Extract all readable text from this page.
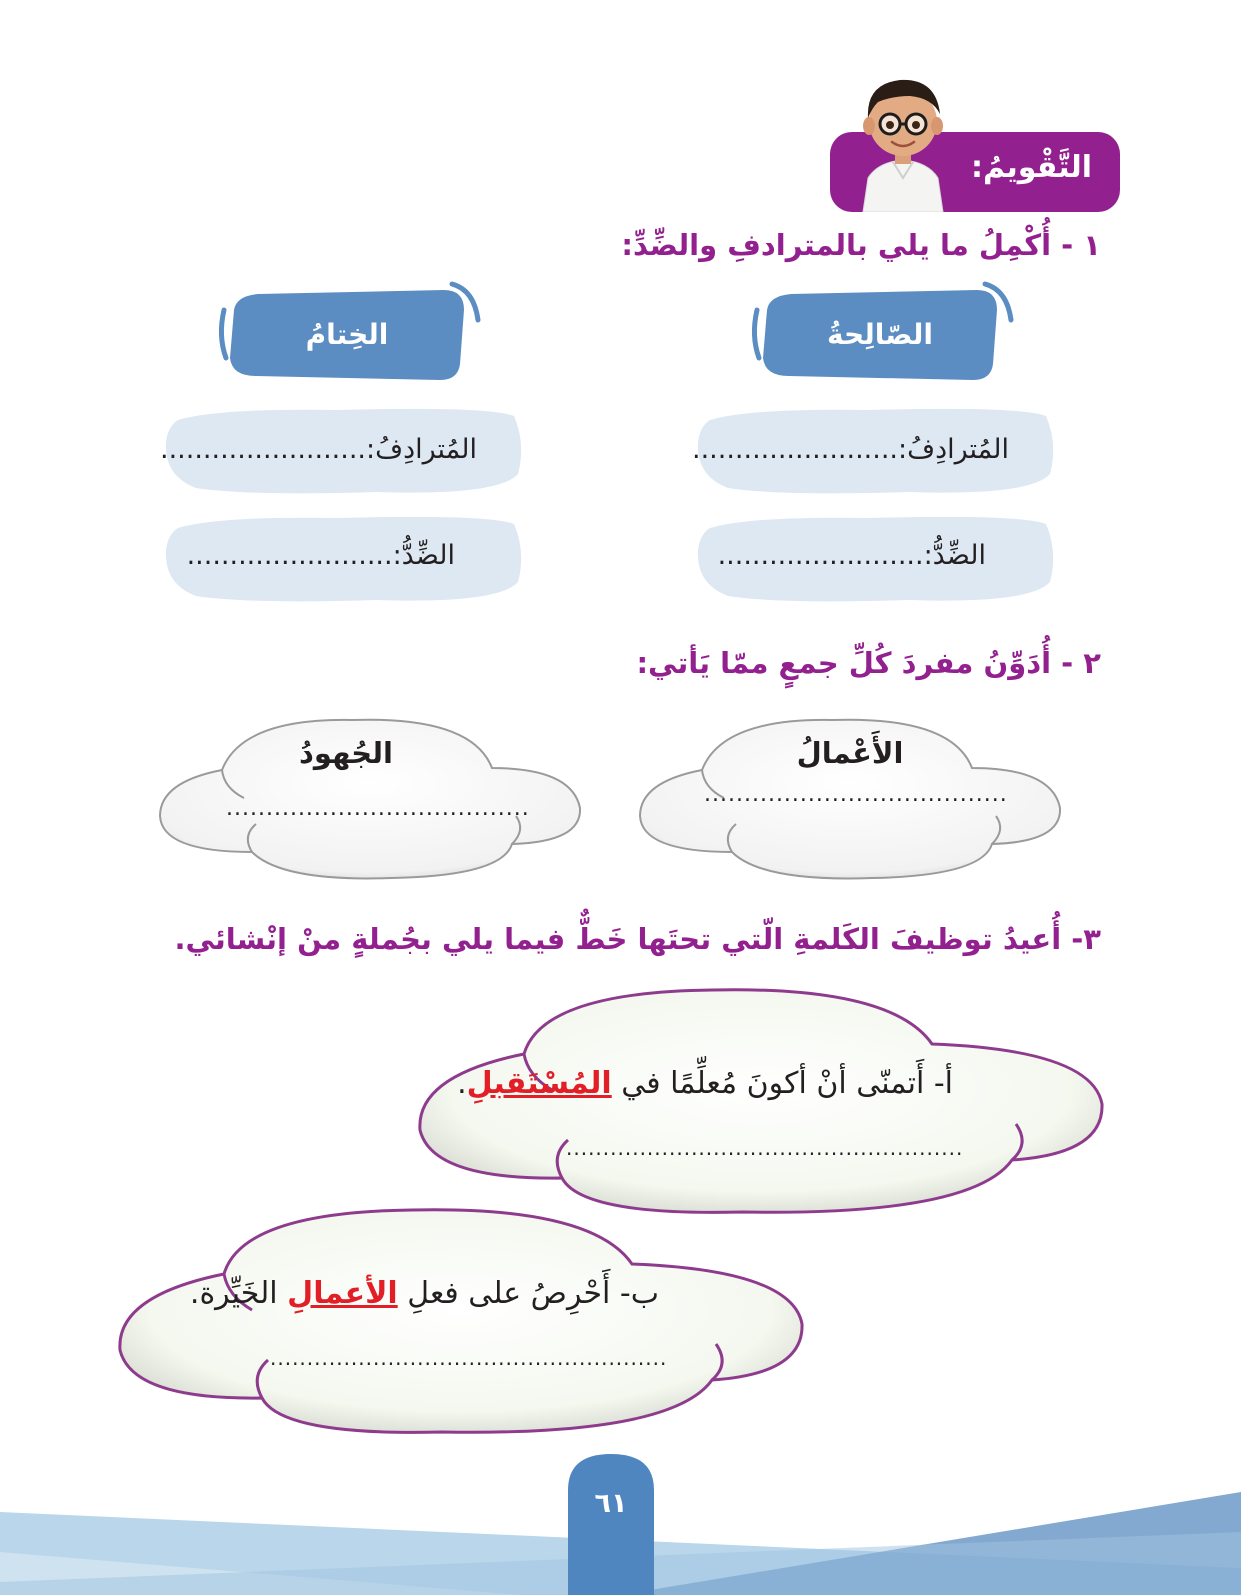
التَّقْويمُ:
١ - أُكْمِلُ ما يلي بالمترادفِ والضِّدِّ:
الصّالِحةُ
الخِتامُ
المُترادِفُ:........................
الضِّدُّ:........................
المُترادِفُ:........................
الضِّدُّ:........................
٢ - أُدَوِّنُ مفردَ كُلِّ جمعٍ ممّا يَأتي:
الأَعْمالُ
......................................
الجُهودُ
......................................
٣- أُعيدُ توظيفَ الكَلمةِ الّتي تحتَها خَطٌّ فيما يلي بجُملةٍ منْ إنْشائي.
أ- أَتمنّى أنْ أكونَ مُعلِّمًا في المُسْتَقبلِ.
......................................................
ب- أَحْرِصُ على فعلِ الأعمالِ الخَيِّرة.
......................................................
٦١
